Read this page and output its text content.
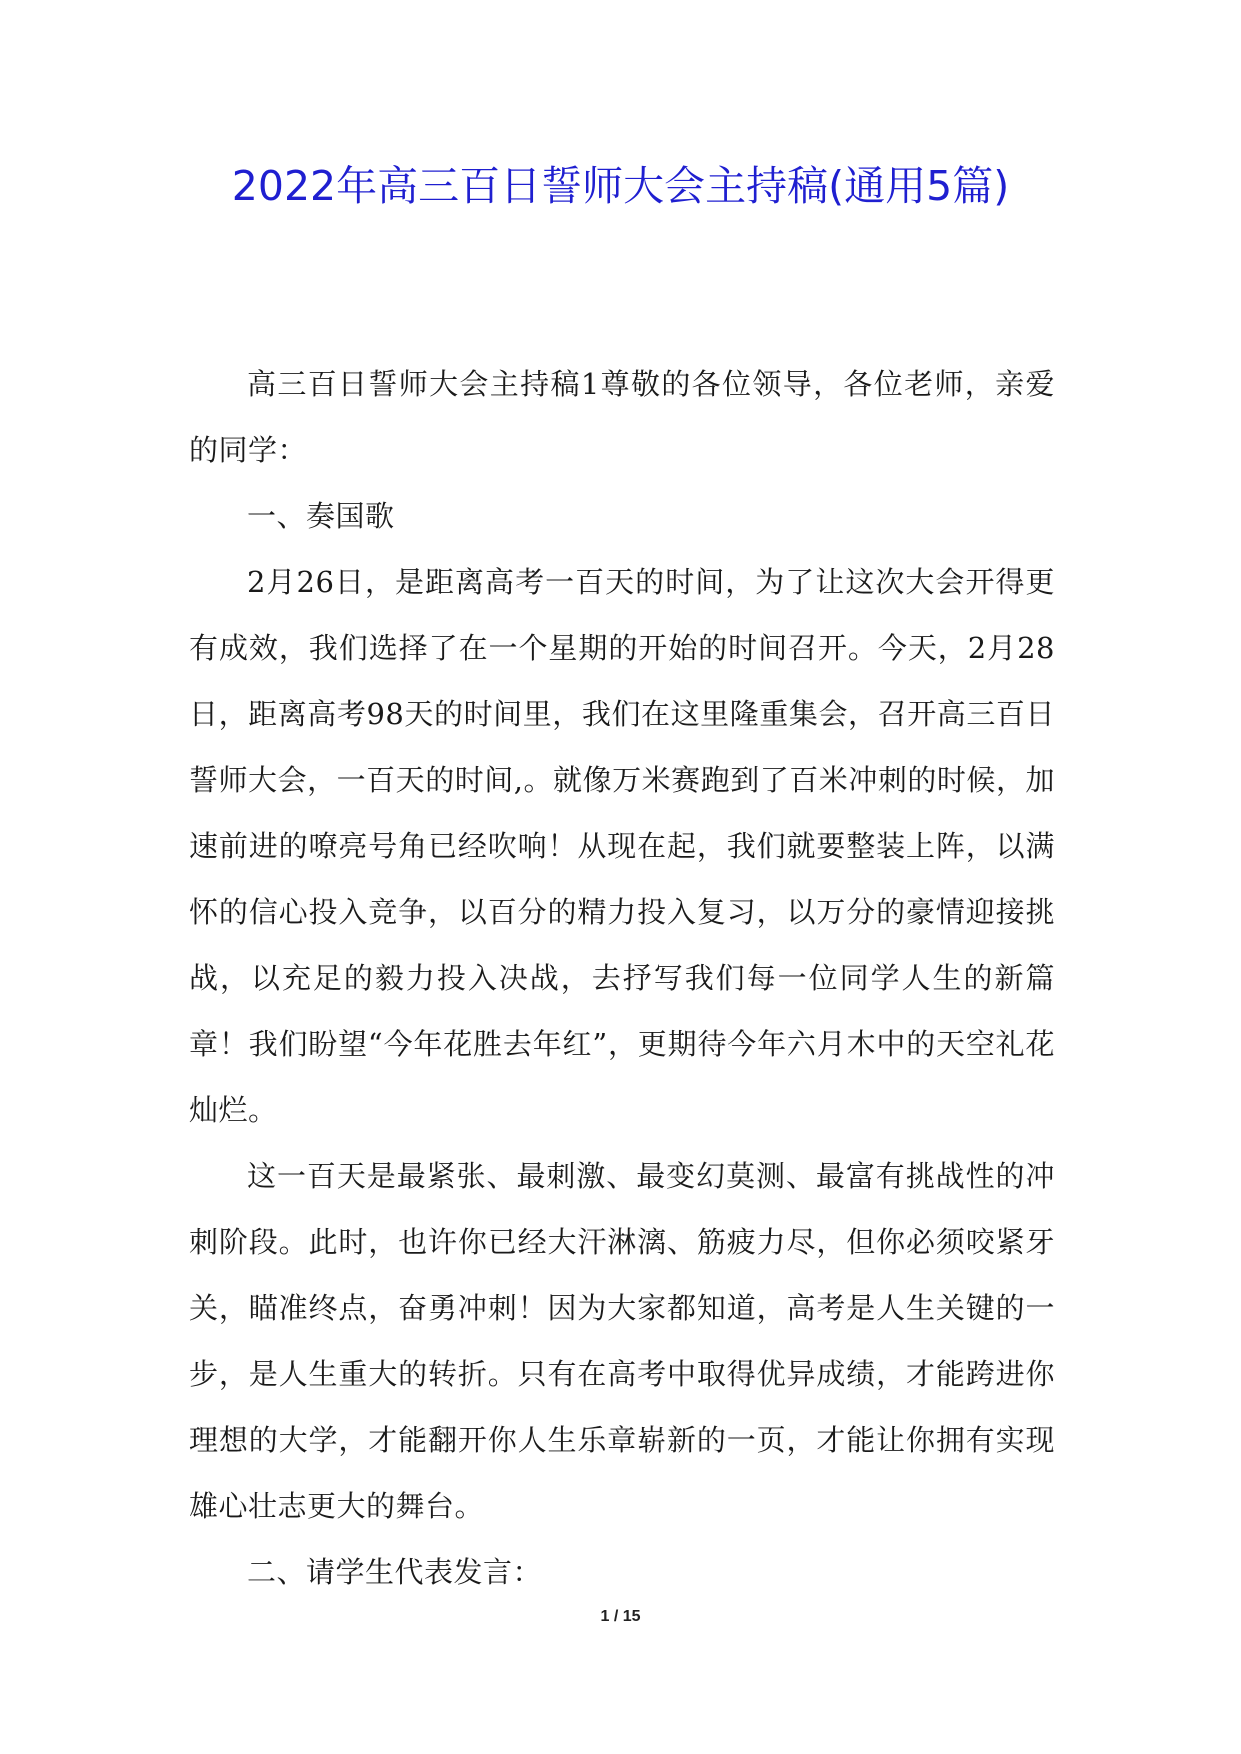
2022年高三百日誓师大会主持稿(通用5篇)

高三百日誓师大会主持稿1尊敬的各位领导，各位老师，亲爱的同学：

一、奏国歌

2月26日，是距离高考一百天的时间，为了让这次大会开得更有成效，我们选择了在一个星期的开始的时间召开。今天，2月28日，距离高考98天的时间里，我们在这里隆重集会，召开高三百日誓师大会，一百天的时间,。就像万米赛跑到了百米冲刺的时候，加速前进的嘹亮号角已经吹响！从现在起，我们就要整装上阵，以满怀的信心投入竞争，以百分的精力投入复习，以万分的豪情迎接挑战，以充足的毅力投入决战，去抒写我们每一位同学人生的新篇章！我们盼望“今年花胜去年红”，更期待今年六月木中的天空礼花灿烂。

这一百天是最紧张、最刺激、最变幻莫测、最富有挑战性的冲刺阶段。此时，也许你已经大汗淋漓、筋疲力尽，但你必须咬紧牙关，瞄准终点，奋勇冲刺！因为大家都知道，高考是人生关键的一步，是人生重大的转折。只有在高考中取得优异成绩，才能跨进你理想的大学，才能翻开你人生乐章崭新的一页，才能让你拥有实现雄心壮志更大的舞台。

二、请学生代表发言：

1 / 15
